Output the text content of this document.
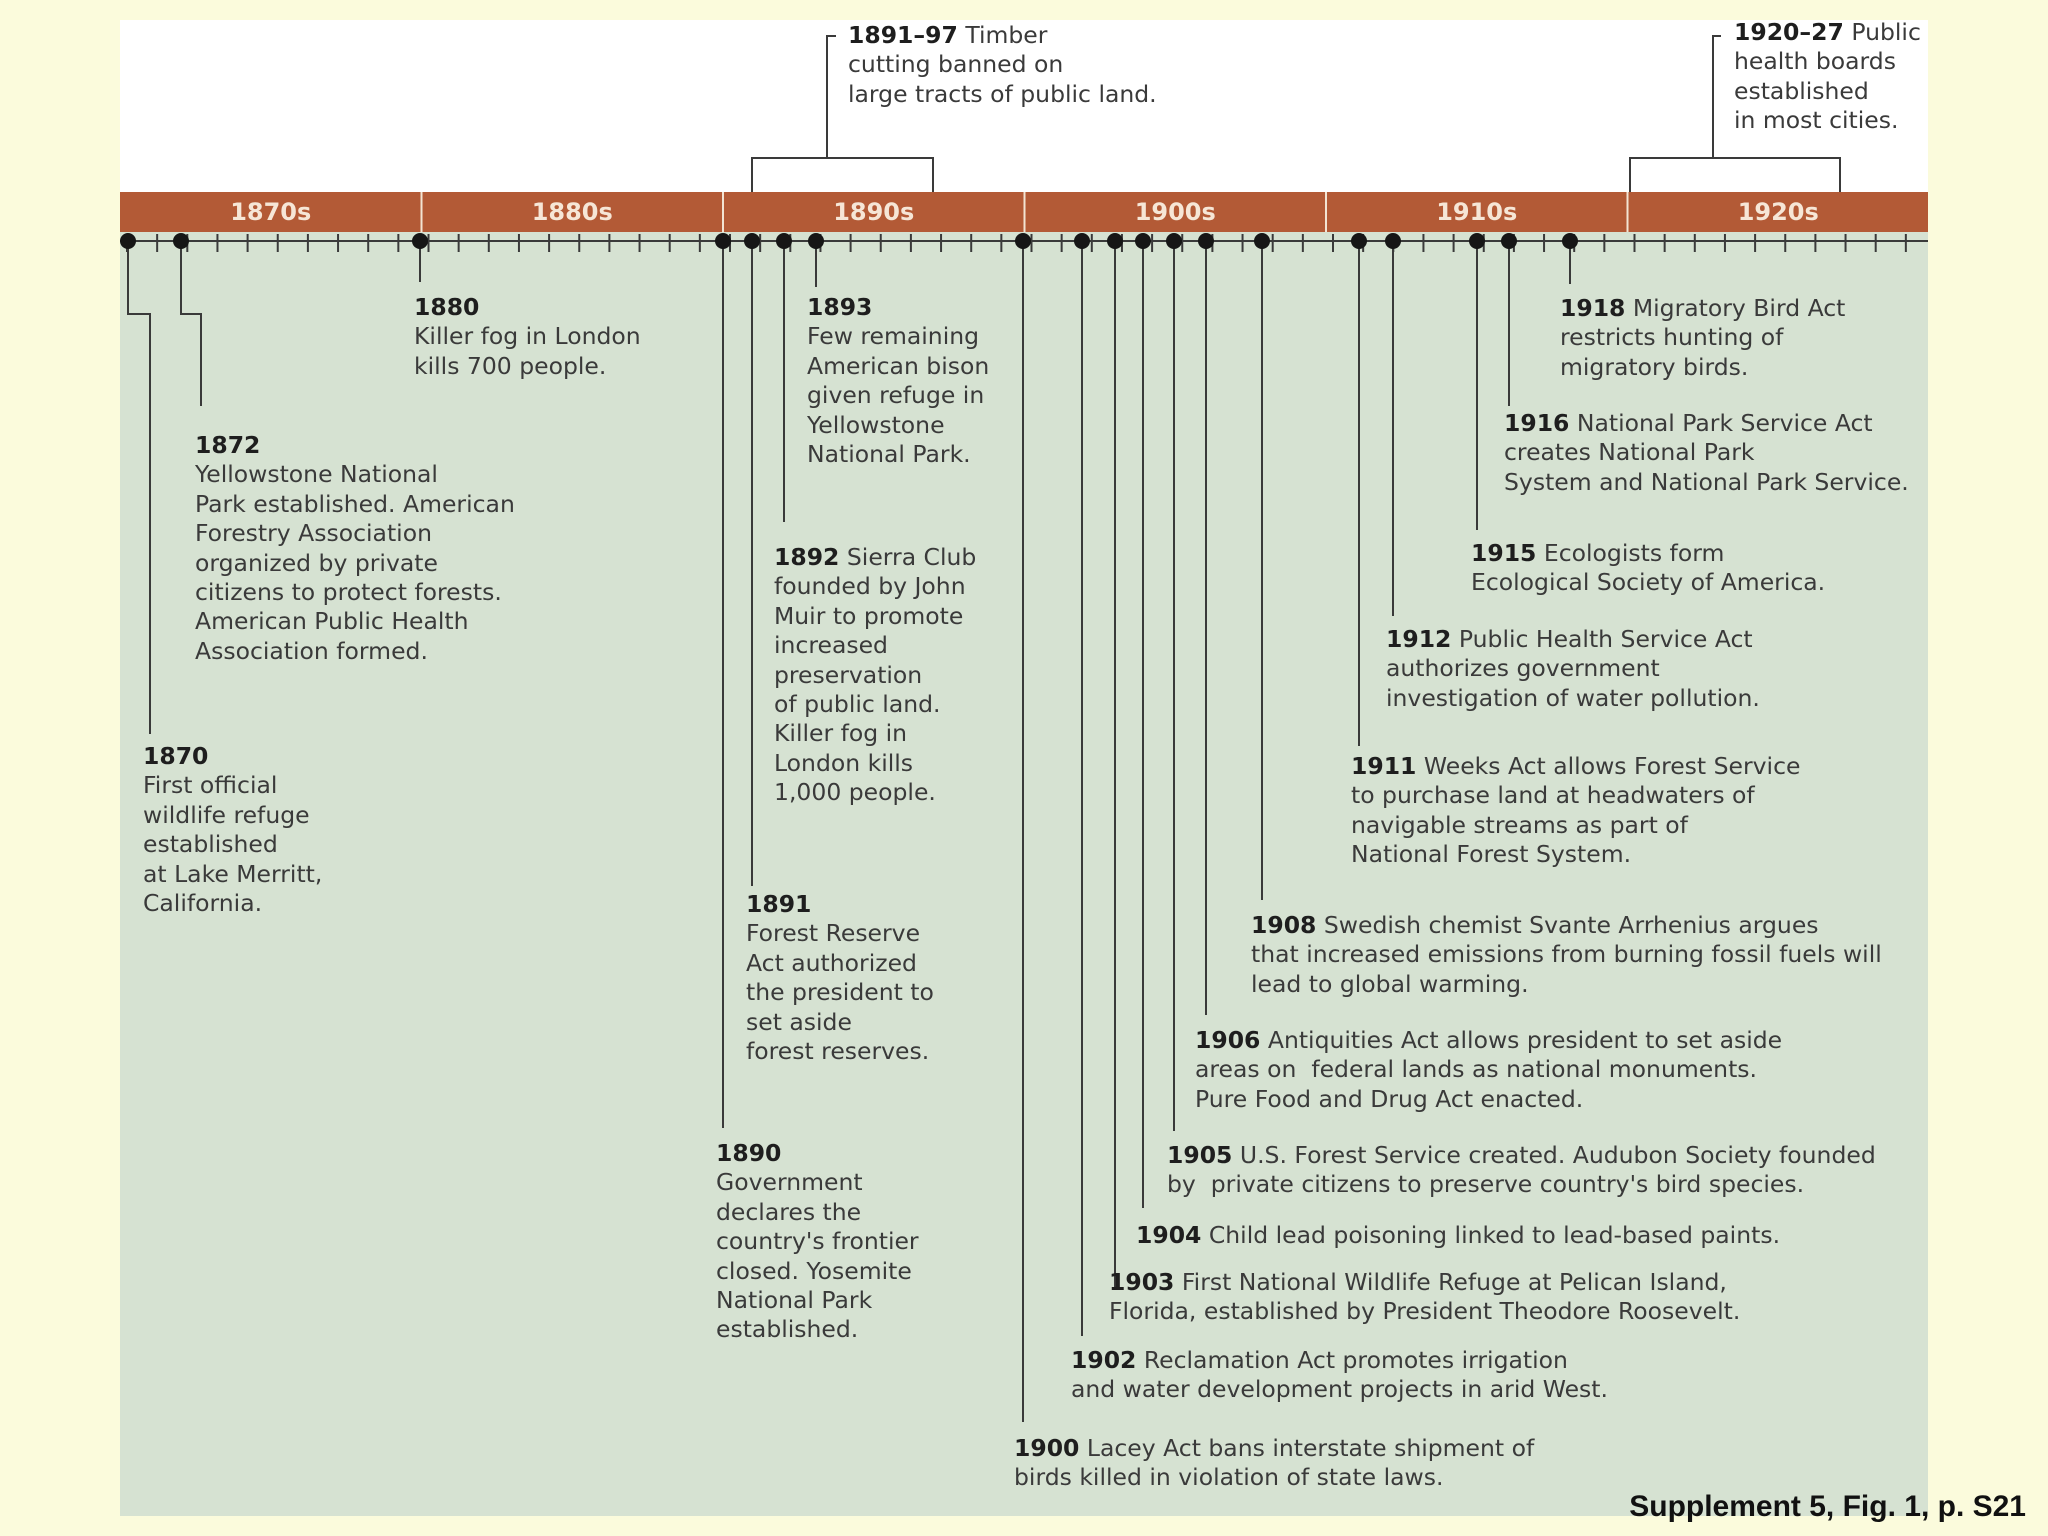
1870s	1880s	1890s	1900s	1910s	1920s
1870
First official
wildlife refuge
established
at Lake Merritt,
California.
1872
Yellowstone National
Park established. American
Forestry Association
organized by private
citizens to protect forests.
American Public Health
Association formed.
1880
Killer fog in London
kills 700 people.
1890
Government
declares the
country's frontier
closed. Yosemite
National Park
established.
1891
Forest Reserve
Act authorized
the president to
set aside
forest reserves.
1892 Sierra Club
founded by John
Muir to promote
increased
preservation
of public land.
Killer fog in
London kills
1,000 people.
1893
Few remaining
American bison
given refuge in
Yellowstone
National Park.
1891–97 Timber
cutting banned on
large tracts of public land.
1900 Lacey Act bans interstate shipment of
birds killed in violation of state laws.
1902 Reclamation Act promotes irrigation
and water development projects in arid West.
1903 First National Wildlife Refuge at Pelican Island,
Florida, established by President Theodore Roosevelt.
1904 Child lead poisoning linked to lead-based paints.
1905 U.S. Forest Service created. Audubon Society founded
by  private citizens to preserve country's bird species.
1906 Antiquities Act allows president to set aside
areas on  federal lands as national monuments.
Pure Food and Drug Act enacted.
1908 Swedish chemist Svante Arrhenius argues
that increased emissions from burning fossil fuels will
lead to global warming.
1911 Weeks Act allows Forest Service
to purchase land at headwaters of
navigable streams as part of
National Forest System.
1912 Public Health Service Act
authorizes government
investigation of water pollution.
1915 Ecologists form
Ecological Society of America.
1916 National Park Service Act
creates National Park
System and National Park Service.
1918 Migratory Bird Act
restricts hunting of
migratory birds.
1920–27 Public
health boards
established
in most cities.
Supplement 5, Fig. 1, p. S21
